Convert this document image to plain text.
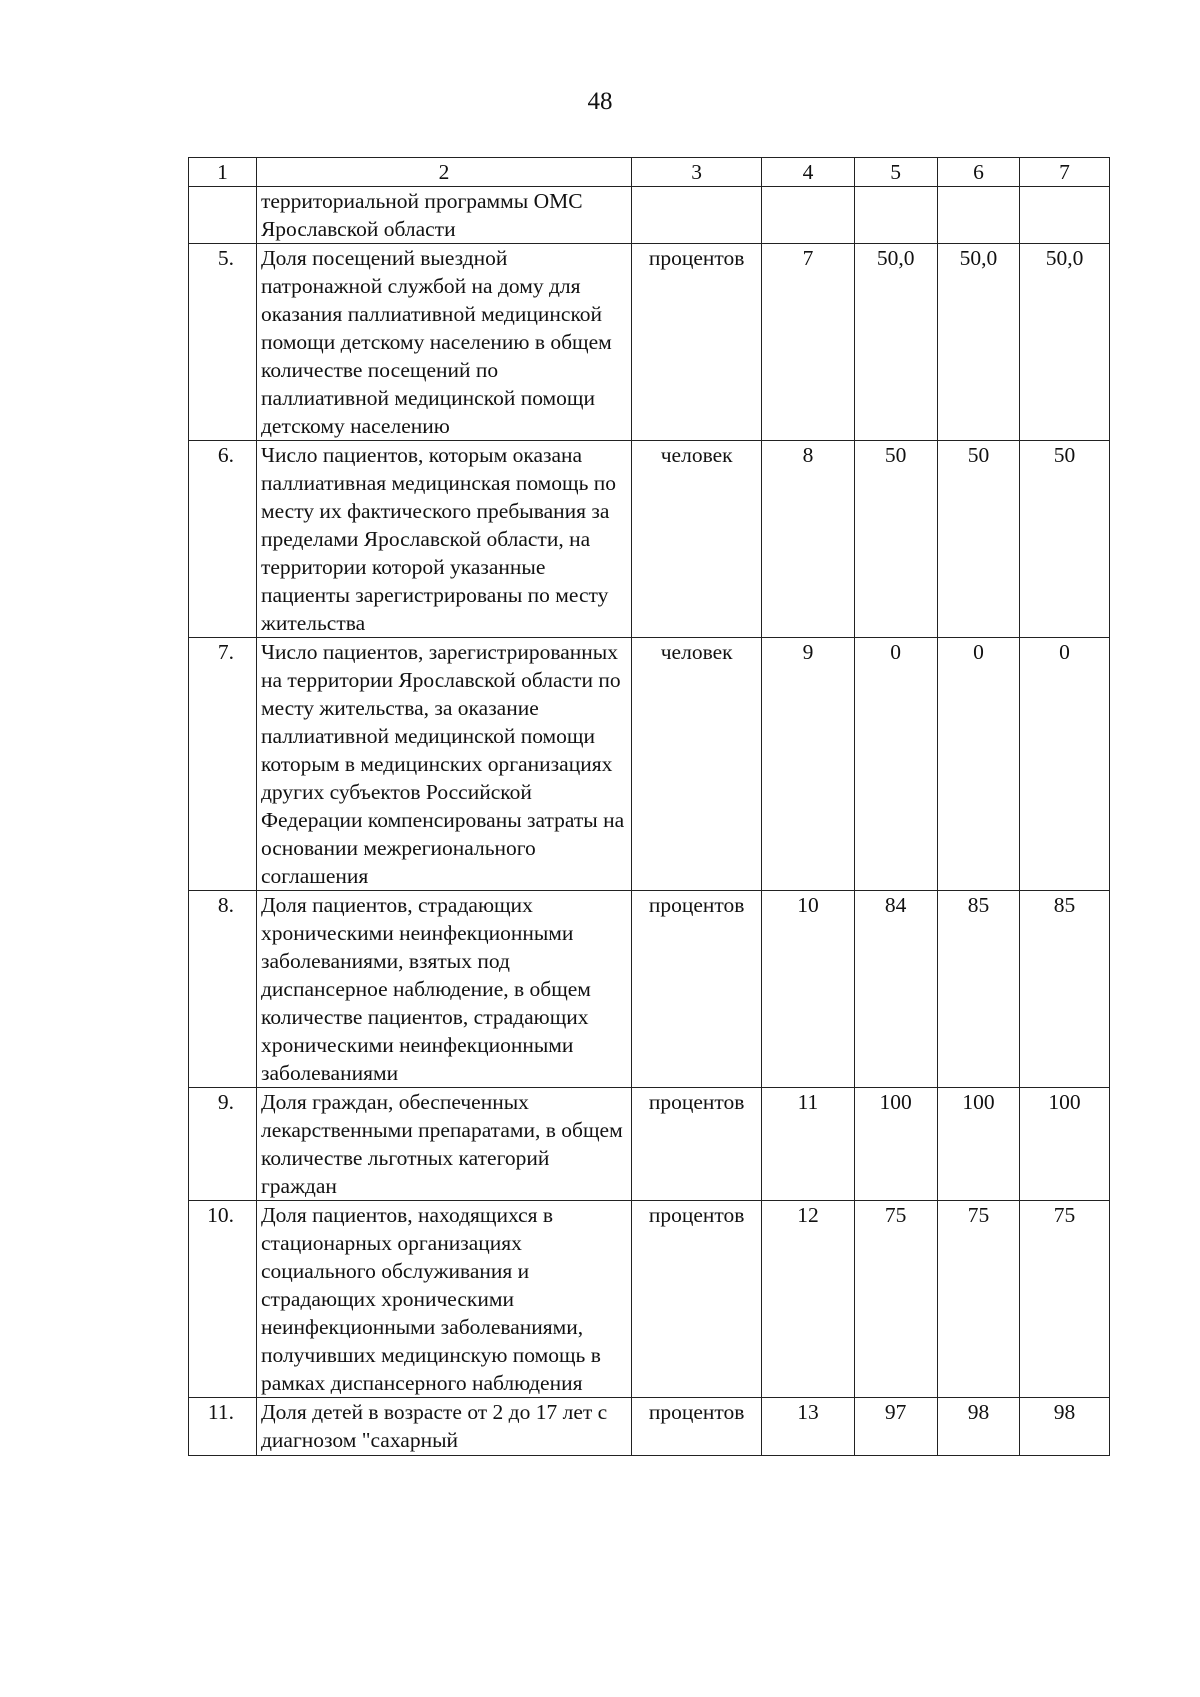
48
1	2	3	4	5	6	7
	территориальной программы ОМС Ярославской области					
5.	Доля посещений выездной патронажной службой на дому для оказания паллиативной медицинской помощи детскому населению в общем количестве посещений по паллиативной медицинской помощи детскому населению	процентов	7	50,0	50,0	50,0
6.	Число пациентов, которым оказана паллиативная медицинская помощь по месту их фактического пребывания за пределами Ярославской области, на территории которой указанные пациенты зарегистрированы по месту жительства	человек	8	50	50	50
7.	Число пациентов, зарегистрированных на территории Ярославской области по месту жительства, за оказание паллиативной медицинской помощи которым в медицинских организациях других субъектов Российской Федерации компенсированы затраты на основании межрегионального соглашения	человек	9	0	0	0
8.	Доля пациентов, страдающих хроническими неинфекционными заболеваниями, взятых под диспансерное наблюдение, в общем количестве пациентов, страдающих хроническими неинфекционными заболеваниями	процентов	10	84	85	85
9.	Доля граждан, обеспеченных лекарственными препаратами, в общем количестве льготных категорий граждан	процентов	11	100	100	100
10.	Доля пациентов, находящихся в стационарных организациях социального обслуживания и страдающих хроническими неинфекционными заболеваниями, получивших медицинскую помощь в рамках диспансерного наблюдения	процентов	12	75	75	75
11.	Доля детей в возрасте от 2 до 17 лет с диагнозом "сахарный	процентов	13	97	98	98
